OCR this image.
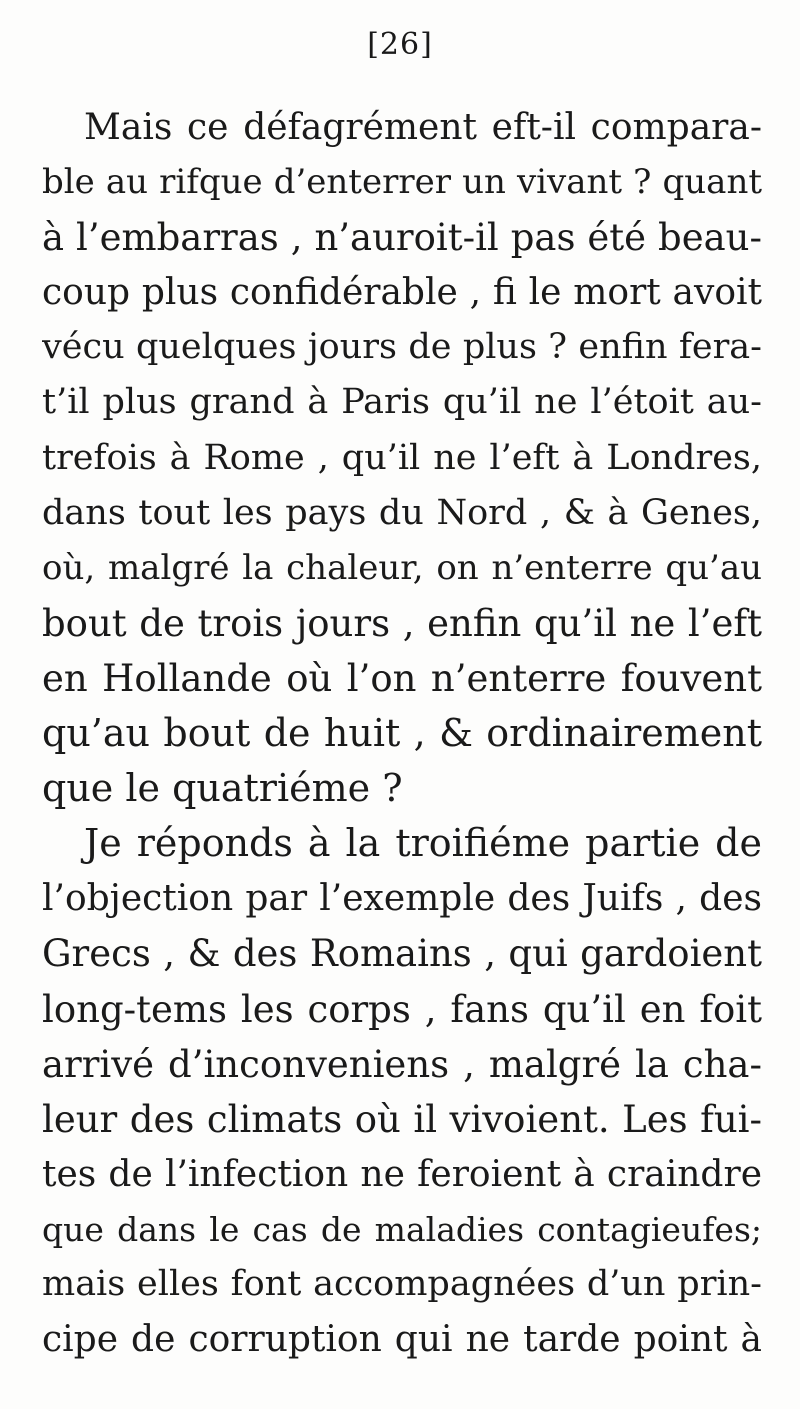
[26]
Mais ce défagrément eft-il compara-
ble au rifque d’enterrer un vivant ? quant
à l’embarras , n’auroit-il pas été beau-
coup plus confidérable , fi le mort avoit
vécu quelques jours de plus ? enfin fera-
t’il plus grand à Paris qu’il ne l’étoit au-
trefois à Rome , qu’il ne l’eft à Londres,
dans tout les pays du Nord , & à Genes,
où, malgré la chaleur, on n’enterre qu’au
bout de trois jours , enfin qu’il ne l’eft
en Hollande où l’on n’enterre fouvent
qu’au bout de huit , & ordinairement
que le quatriéme ?
Je réponds à la troifiéme partie de
l’objection par l’exemple des Juifs , des
Grecs , & des Romains , qui gardoient
long-tems les corps , fans qu’il en foit
arrivé d’inconveniens , malgré la cha-
leur des climats où il vivoient. Les fui-
tes de l’infection ne feroient à craindre
que dans le cas de maladies contagieufes;
mais elles font accompagnées d’un prin-
cipe de corruption qui ne tarde point à
